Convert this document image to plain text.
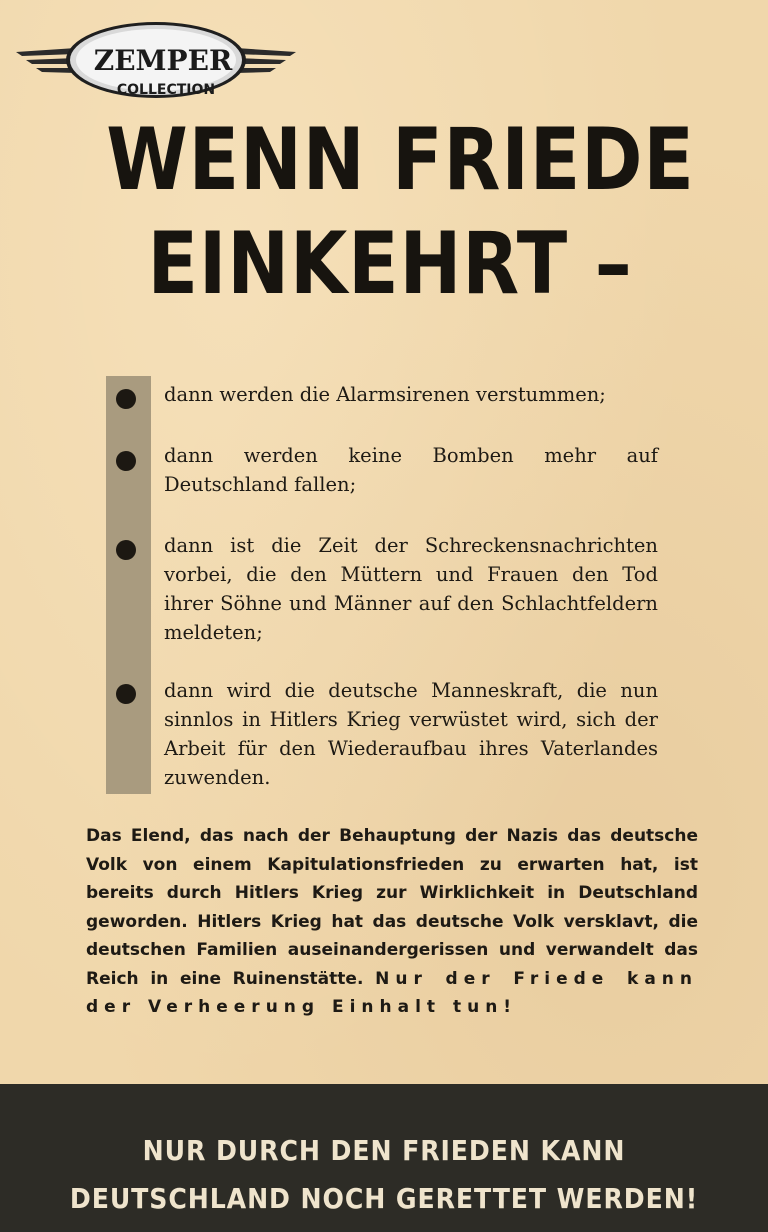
ZEMPER
COLLECTION
WENN FRIEDE
EINKEHRT –
dann werden die Alarmsirenen verstummen;
dann werden keine Bomben mehr auf Deutschland fallen;
dann ist die Zeit der Schreckensnachrichten vorbei, die den Müttern und Frauen den Tod ihrer Söhne und Männer auf den Schlachtfeldern meldeten;
dann wird die deutsche Manneskraft, die nun sinnlos in Hitlers Krieg verwüstet wird, sich der Arbeit für den Wiederaufbau ihres Vaterlandes zuwenden.
Das Elend, das nach der Behauptung der Nazis das deutsche Volk von einem Kapitulationsfrieden zu erwarten hat, ist bereits durch Hitlers Krieg zur Wirklichkeit in Deutschland geworden. Hitlers Krieg hat das deutsche Volk versklavt, die deutschen Familien auseinandergerissen und verwandelt das Reich in eine Ruinenstätte. Nur der Friede kann der Verheerung Einhalt tun!
NUR DURCH DEN FRIEDEN KANN
DEUTSCHLAND NOCH GERETTET WERDEN!
